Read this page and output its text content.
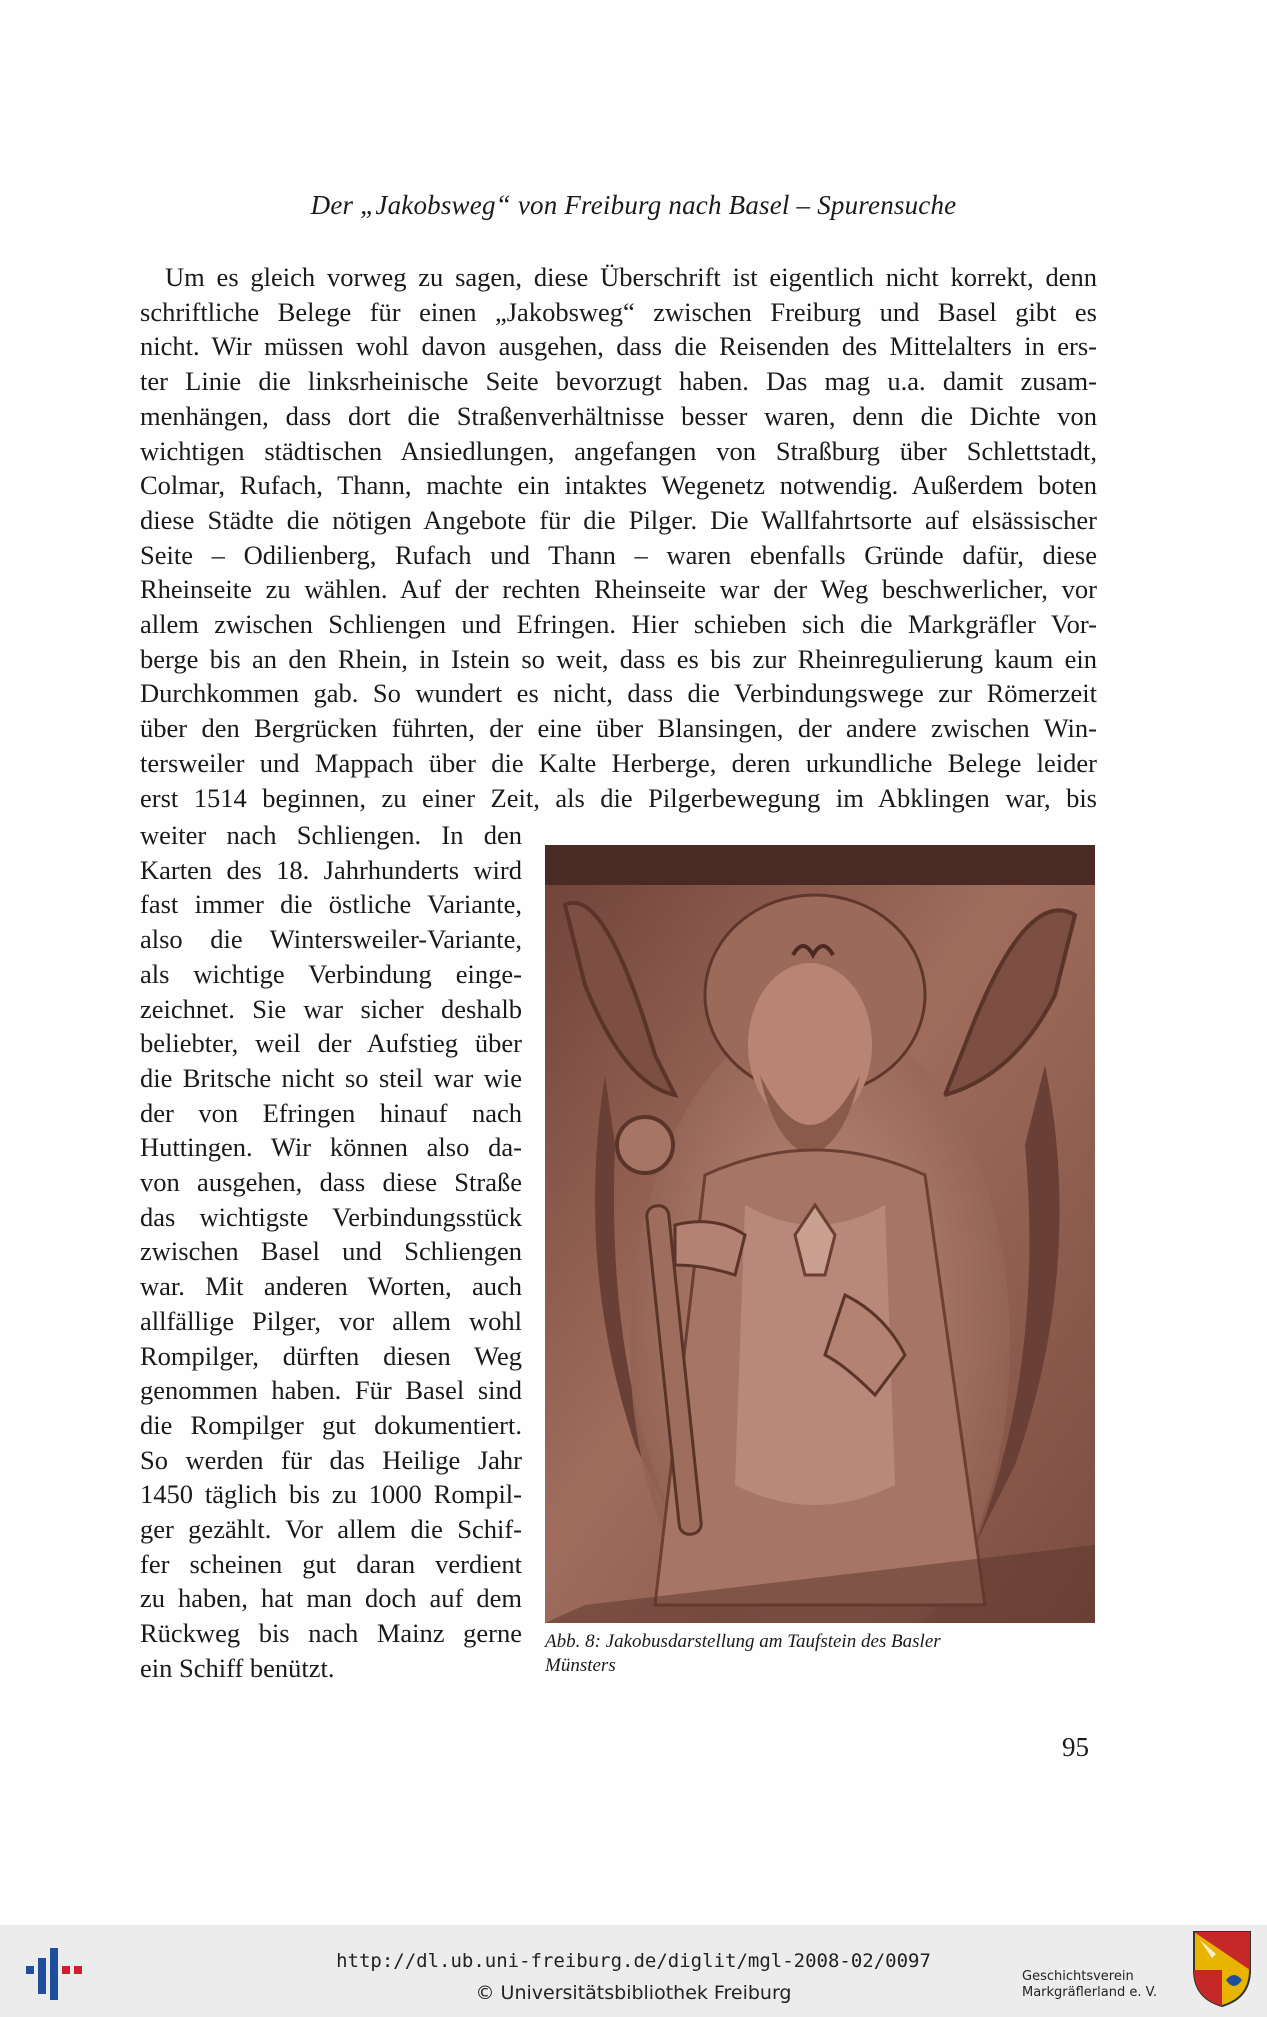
Der „Jakobsweg“ von Freiburg nach Basel – Spurensuche
Um es gleich vorweg zu sagen, diese Überschrift ist eigentlich nicht korrekt, denn
schriftliche Belege für einen „Jakobsweg“ zwischen Freiburg und Basel gibt es
nicht. Wir müssen wohl davon ausgehen, dass die Reisenden des Mittelalters in ers-
ter Linie die linksrheinische Seite bevorzugt haben. Das mag u.a. damit zusam-
menhängen, dass dort die Straßenverhältnisse besser waren, denn die Dichte von
wichtigen städtischen Ansiedlungen, angefangen von Straßburg über Schlettstadt,
Colmar, Rufach, Thann, machte ein intaktes Wegenetz notwendig. Außerdem boten
diese Städte die nötigen Angebote für die Pilger. Die Wallfahrtsorte auf elsässischer
Seite – Odilienberg, Rufach und Thann – waren ebenfalls Gründe dafür, diese
Rheinseite zu wählen. Auf der rechten Rheinseite war der Weg beschwerlicher, vor
allem zwischen Schliengen und Efringen. Hier schieben sich die Markgräfler Vor-
berge bis an den Rhein, in Istein so weit, dass es bis zur Rheinregulierung kaum ein
Durchkommen gab. So wundert es nicht, dass die Verbindungswege zur Römerzeit
über den Bergrücken führten, der eine über Blansingen, der andere zwischen Win-
tersweiler und Mappach über die Kalte Herberge, deren urkundliche Belege leider
erst 1514 beginnen, zu einer Zeit, als die Pilgerbewegung im Abklingen war, bis
weiter nach Schliengen. In den
Karten des 18. Jahrhunderts wird
fast immer die östliche Variante,
also die Wintersweiler-Variante,
als wichtige Verbindung einge-
zeichnet. Sie war sicher deshalb
beliebter, weil der Aufstieg über
die Britsche nicht so steil war wie
der von Efringen hinauf nach
Huttingen. Wir können also da-
von ausgehen, dass diese Straße
das wichtigste Verbindungsstück
zwischen Basel und Schliengen
war. Mit anderen Worten, auch
allfällige Pilger, vor allem wohl
Rompilger, dürften diesen Weg
genommen haben. Für Basel sind
die Rompilger gut dokumentiert.
So werden für das Heilige Jahr
1450 täglich bis zu 1000 Rompil-
ger gezählt. Vor allem die Schif-
fer scheinen gut daran verdient
zu haben, hat man doch auf dem
Rückweg bis nach Mainz gerne
ein Schiff benützt.
Abb. 8: Jakobusdarstellung am Taufstein des Basler
Münsters
95
http://dl.ub.uni-freiburg.de/diglit/mgl-2008-02/0097
© Universitätsbibliothek Freiburg
Geschichtsverein
Markgräflerland e. V.
